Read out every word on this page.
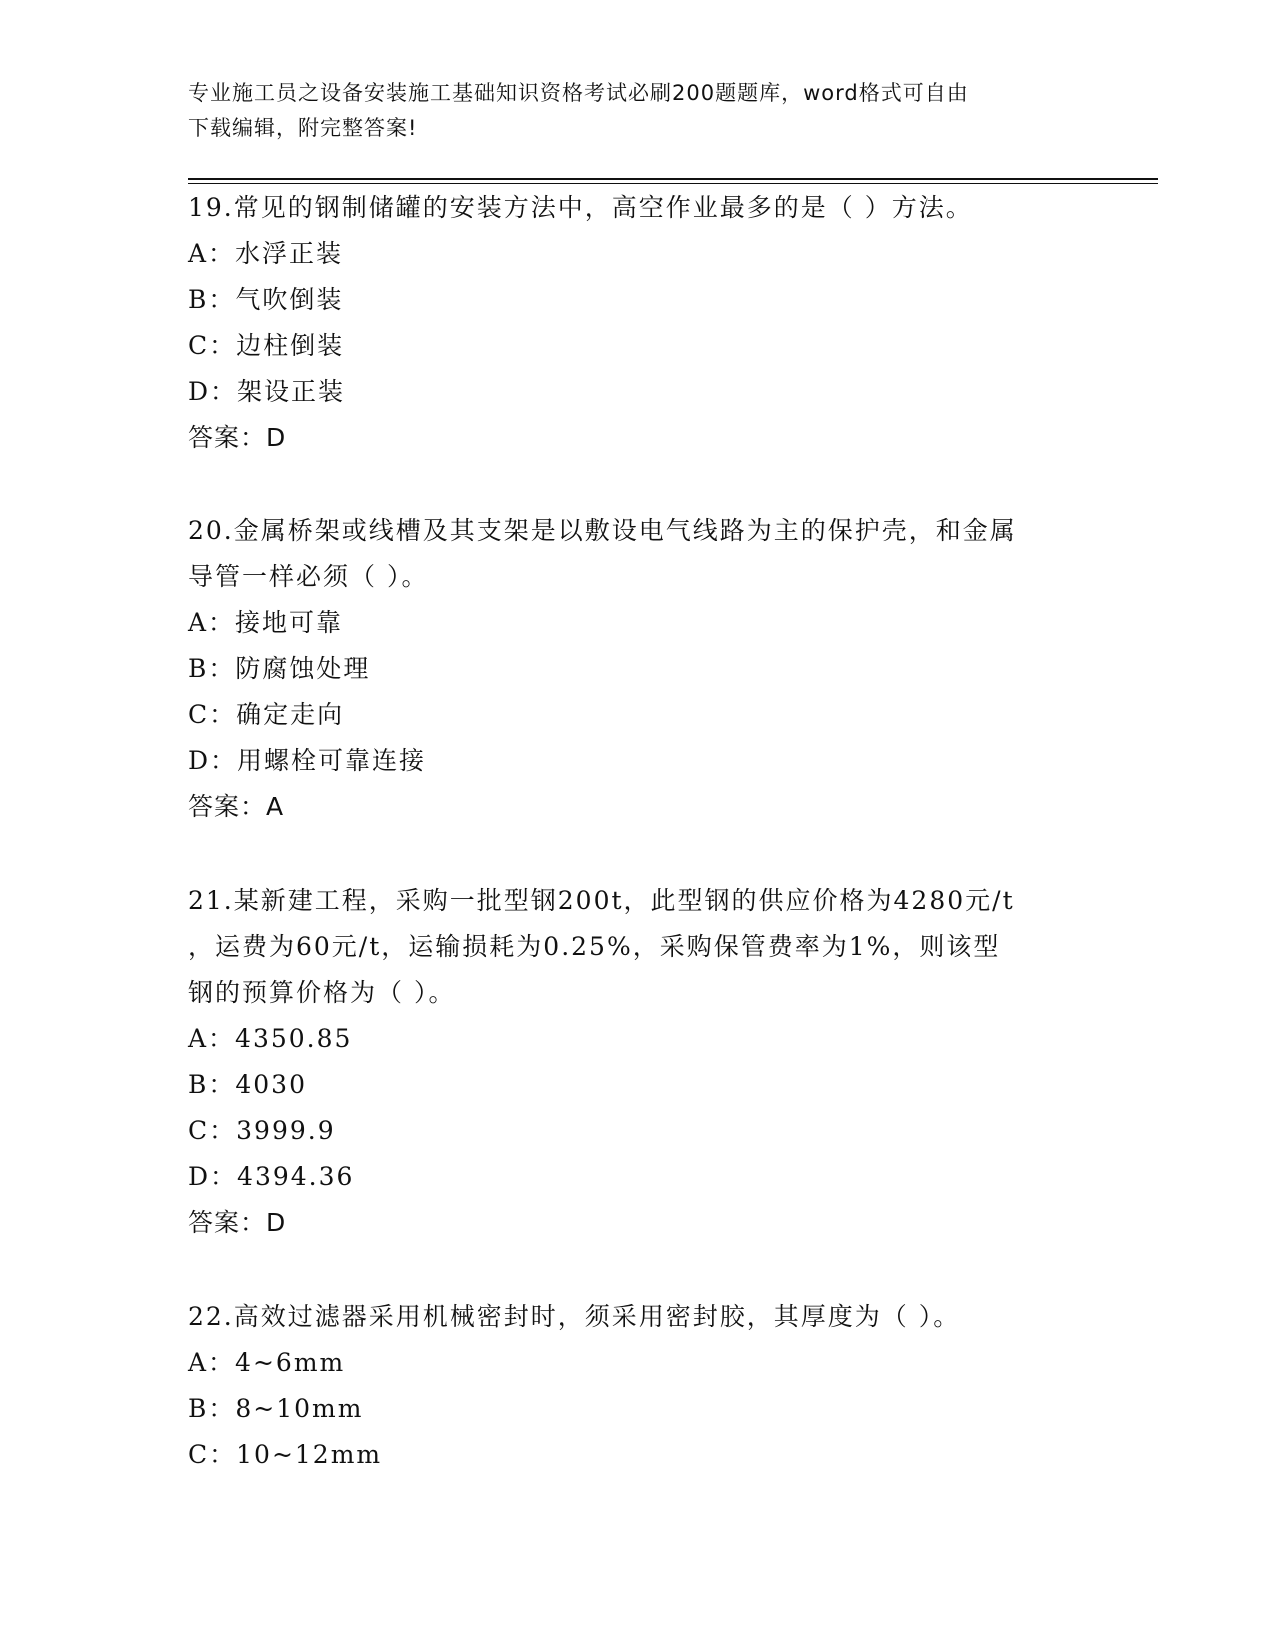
专业施工员之设备安装施工基础知识资格考试必刷200题题库，word格式可自由
下载编辑，附完整答案!
19.常见的钢制储罐的安装方法中，高空作业最多的是（ ）方法。
A：水浮正装
B：气吹倒装
C：边柱倒装
D：架设正装
答案：D
20.金属桥架或线槽及其支架是以敷设电气线路为主的保护壳，和金属
导管一样必须（ ）。
A：接地可靠
B：防腐蚀处理
C：确定走向
D：用螺栓可靠连接
答案：A
21.某新建工程，采购一批型钢200t，此型钢的供应价格为4280元/t
，运费为60元/t，运输损耗为0.25%，采购保管费率为1%，则该型
钢的预算价格为（ ）。
A：4350.85
B：4030
C：3999.9
D：4394.36
答案：D
22.高效过滤器采用机械密封时，须采用密封胶，其厚度为（ ）。
A：4~6mm
B：8~10mm
C：10~12mm
